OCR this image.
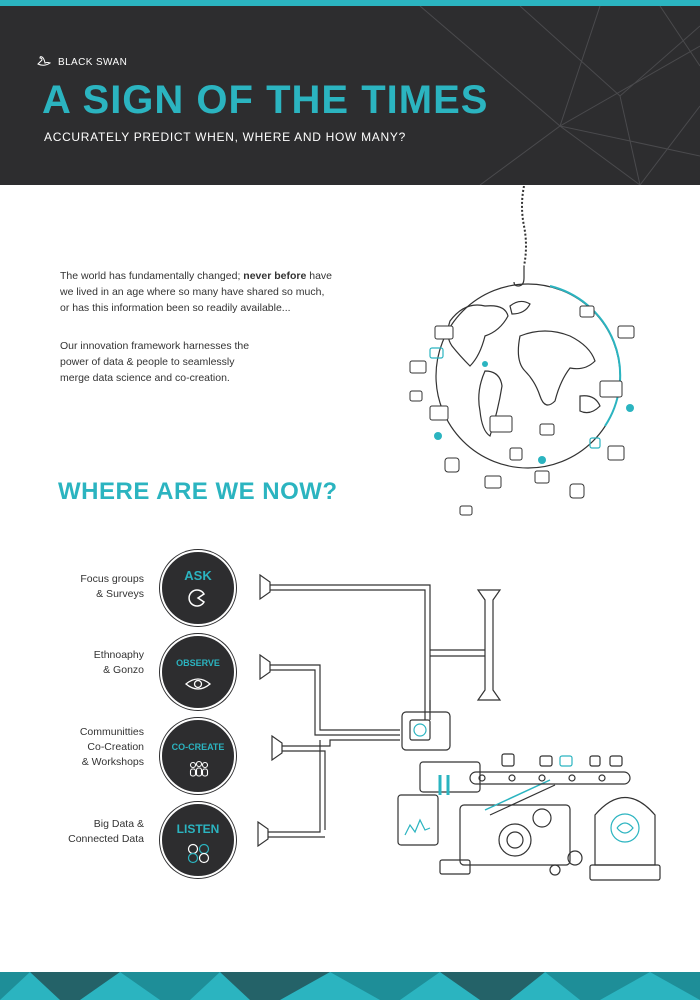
BLACK SWAN
A SIGN OF THE TIMES
ACCURATELY PREDICT WHEN, WHERE AND HOW MANY?
The world has fundamentally changed; never before have
we lived in an age where so many have shared so much,
or has this information been so readily available...
Our innovation framework harnesses the
power of data & people to seamlessly
merge data science and co-creation.
WHERE ARE WE NOW?
Focus groups
& Surveys
Ethnoaphy
& Gonzo
Communitties
Co-Creation
& Workshops
Big Data &
Connected Data
ASK
OBSERVE
CO-CREATE
LISTEN
